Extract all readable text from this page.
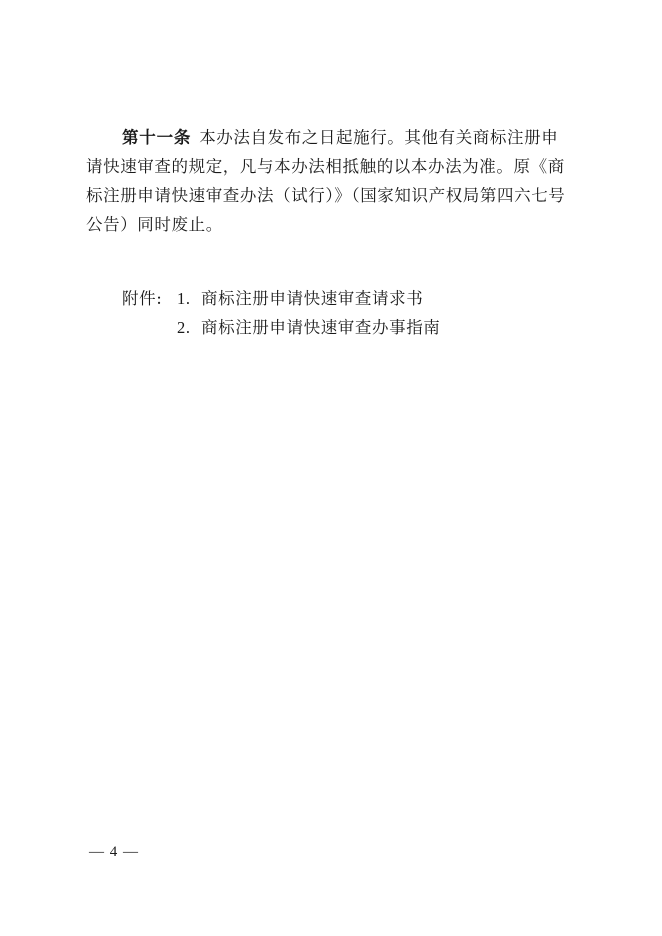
第十一条 本办法自发布之日起施行。其他有关商标注册申
请快速审查的规定，凡与本办法相抵触的以本办法为准。原《商
标注册申请快速审查办法（试行）》（国家知识产权局第四六七号
公告）同时废止。
附件: 1. 商标注册申请快速审查请求书
2. 商标注册申请快速审查办事指南
— 4 —
